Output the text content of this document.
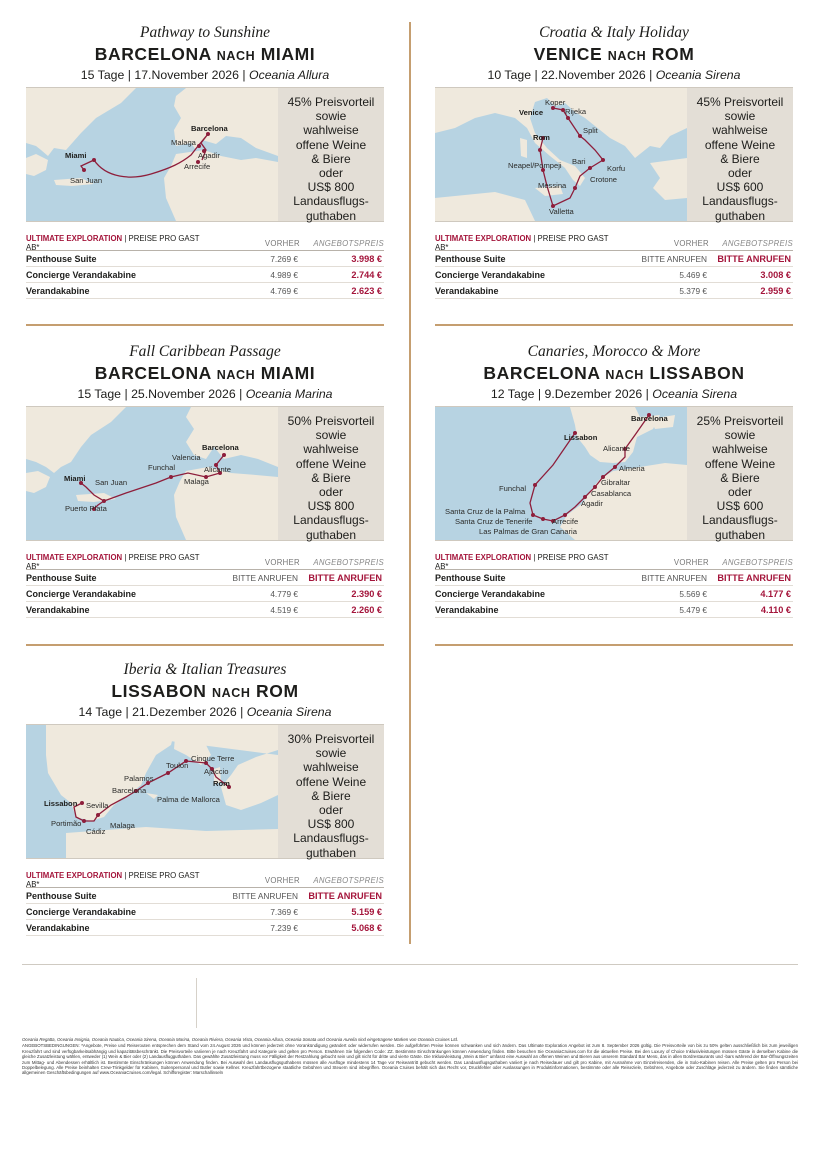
Pathway to Sunshine
BARCELONA NACH MIAMI
15 Tage | 17.November 2026 | Oceania Allura
Barcelona
Malaga
Agadir
Arrecife
Miami
San Juan
45% Preisvorteil
sowie
wahlweise
offene Weine
& Biere
oder
US$ 800
Landausflugs-
guthaben
ULTIMATE EXPLORATION | PREISE PRO GAST AB*	VORHER	ANGEBOTSPREIS
Penthouse Suite	7.269 €	3.998 €
Concierge Verandakabine	4.989 €	2.744 €
Verandakabine	4.769 €	2.623 €
Croatia & Italy Holiday
VENICE NACH ROM
10 Tage | 22.November 2026 | Oceania Sirena
Koper
Venice	Rijeka
Split
Rom
Bari
Korfu
Neapel/Pompeji
Crotone
Messina
Valletta
45% Preisvorteil
sowie
wahlweise
offene Weine
& Biere
oder
US$ 600
Landausflugs-
guthaben
ULTIMATE EXPLORATION | PREISE PRO GAST AB*	VORHER	ANGEBOTSPREIS
Penthouse Suite	BITTE ANRUFEN	BITTE ANRUFEN
Concierge Verandakabine	5.469 €	3.008 €
Verandakabine	5.379 €	2.959 €
Fall Caribbean Passage
BARCELONA NACH MIAMI
15 Tage | 25.November 2026 | Oceania Marina
Barcelona
Valencia
Funchal	Alicante
Malaga
Miami San Juan
Puerto Plata
50% Preisvorteil
sowie
wahlweise
offene Weine
& Biere
oder
US$ 800
Landausflugs-
guthaben
ULTIMATE EXPLORATION | PREISE PRO GAST AB*	VORHER	ANGEBOTSPREIS
Penthouse Suite	BITTE ANRUFEN	BITTE ANRUFEN
Concierge Verandakabine	4.779 €	2.390 €
Verandakabine	4.519 €	2.260 €
Canaries, Morocco & More
BARCELONA NACH LISSABON
12 Tage | 9.Dezember 2026 | Oceania Sirena
Barcelona
Lissabon
Alicante
Almeria
Gibraltar
Casablanca
Funchal
Agadir
Santa Cruz de la Palma
Santa Cruz de Tenerife	Arrecife
Las Palmas de Gran Canaria
25% Preisvorteil
sowie
wahlweise
offene Weine
& Biere
oder
US$ 600
Landausflugs-
guthaben
ULTIMATE EXPLORATION | PREISE PRO GAST AB*	VORHER	ANGEBOTSPREIS
Penthouse Suite	BITTE ANRUFEN	BITTE ANRUFEN
Concierge Verandakabine	5.569 €	4.177 €
Verandakabine	5.479 €	4.110 €
Iberia & Italian Treasures
LISSABON NACH ROM
14 Tage | 21.Dezember 2026 | Oceania Sirena
Toulon
Cinque Terre
Ajaccio
Palamos
Barcelona
Rom
Palma de Mallorca
Lissabon Sevilla
Portimão
Cádiz
Malaga
30% Preisvorteil
sowie
wahlweise
offene Weine
& Biere
oder
US$ 800
Landausflugs-
guthaben
ULTIMATE EXPLORATION | PREISE PRO GAST AB*	VORHER	ANGEBOTSPREIS
Penthouse Suite	BITTE ANRUFEN	BITTE ANRUFEN
Concierge Verandakabine	7.369 €	5.159 €
Verandakabine	7.239 €	5.068 €
Oceania Regatta, Oceania Insignia, Oceania Nautica, Oceania Sirena, Oceania Marina, Oceania Riviera, Oceania Vista, Oceania Allura, Oceania Sonata und Oceania Aurelia sind eingetragene Marken von Oceania Cruises Ltd.
ANGEBOTSBEDINGUNGEN: *Angebote, Preise und Reiserouten entsprechen dem Stand vom 24.August 2026 und können jederzeit ohne Vorankündigung geändert oder widerrufen werden. Die aufgeführten Preise können schwanken und sich ändern. Das Ultimate Exploration Angebot ist zum 8. September 2026 gültig. Die Preisvorteile von bis zu 50% gelten ausschließlich bis zum jeweiligen Kreuzfahrt und sind verfügbarkeitsabhängig und kapazitätsbeschränkt. Die Preisvorteile variieren je nach Kreuzfahrt und Kategorie und gelten pro Person. Erwähnen Sie folgenden Code: ZZ. Bestimmte Einschränkungen können Anwendung finden. Bitte besuchen Sie OceaniaCruises.com für die aktuellen Preise. Bei den Luxury of Choice Inklusivleistungen müssen Gäste in derselben Kabine die gleiche Zusatzleistung wählen, entweder (1) Wein & Bier oder (2) Landausflugguthaben. Das gewählte Zusatzleistung muss vor Fälligkeit der Restzahlung gebucht sein und gilt nicht für dritte und vierte Gäste. Die Inklusivleistung „Wein & Bier“ umfasst eine Auswahl an offenen Weinen und Bieren aus unserem Standard Bar Menü, das in allen Bordrestaurants und -bars während der Bar-Öffnungszeiten zum Mittag- und Abendessen erhältlich ist. Bestimmte Einschränkungen können Anwendung finden. Bei Auswahl des Landausflugsguthabens müssen alle Ausflüge mindestens 14 Tage vor Reiseantritt gebucht werden. Das Landausflugsguthaben variiert je nach Reisedauer und gilt pro Kabine, mit Ausnahme von Einzelreisenden, die in Solo-Kabinen reisen. Alle Preise gelten pro Person bei Doppelbelegung. Alle Preise beinhalten Crew-Trinkgelder für Kabinen, Suitenpersonal und Butler sowie Kellner. Kreuzfahrtbezogene staatliche Gebühren und Steuern sind inbegriffen. Oceania Cruises behält sich das Recht vor, Druckfehler oder Auslassungen in Produktinformationen, bestimmte oder alle Reiseziele, Gebühren, Angebote oder Zuschläge jederzeit zu ändern. Sie finden sämtliche allgemeinen Geschäftsbedingungen auf www.OceaniaCruises.com/legal. Schiffsregister: Marschallinseln
